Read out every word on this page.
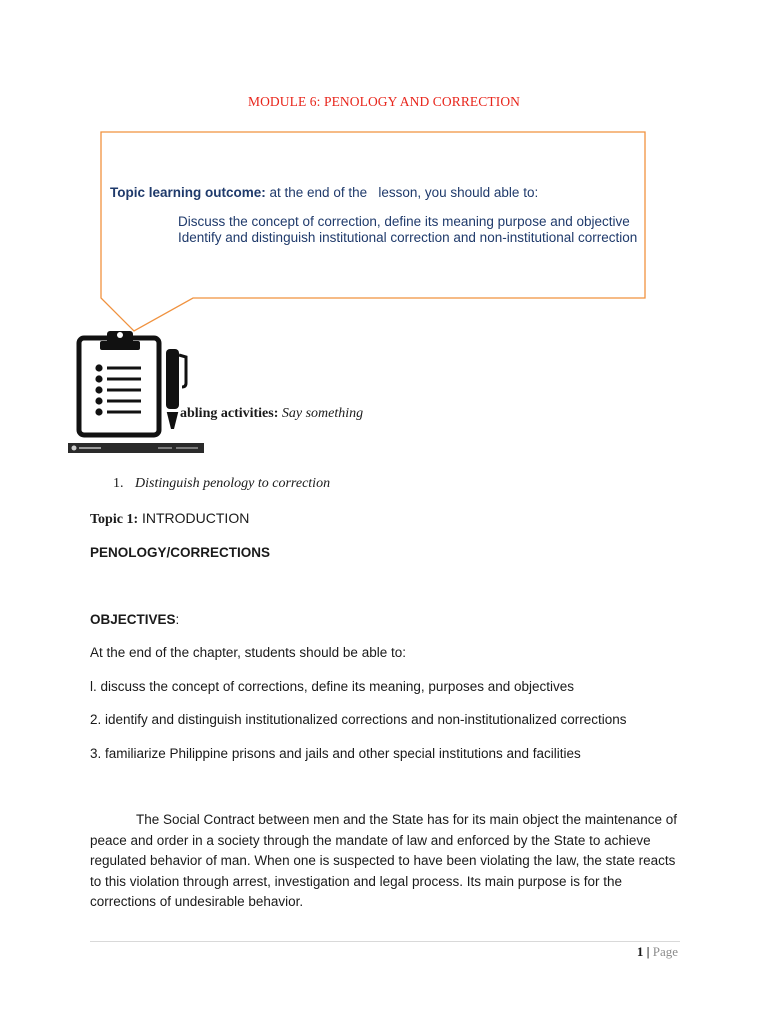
MODULE 6: PENOLOGY AND CORRECTION
Topic learning outcome: at the end of the   lesson, you should able to:
Discuss the concept of correction, define its meaning purpose and objective
Identify and distinguish institutional correction and non-institutional correction
abling activities: Say something
1. Distinguish penology to correction
Topic 1: INTRODUCTION
PENOLOGY/CORRECTIONS
OBJECTIVES:
At the end of the chapter, students should be able to:
l. discuss the concept of corrections, define its meaning, purposes and objectives
2. identify and distinguish institutionalized corrections and non-institutionalized corrections
3. familiarize Philippine prisons and jails and other special institutions and facilities
The Social Contract between men and the State has for its main object the maintenance of peace and order in a society through the mandate of law and enforced by the State to achieve regulated behavior of man. When one is suspected to have been violating the law, the state reacts to this violation through arrest, investigation and legal process. Its main purpose is for the corrections of undesirable behavior.
1 | Page
